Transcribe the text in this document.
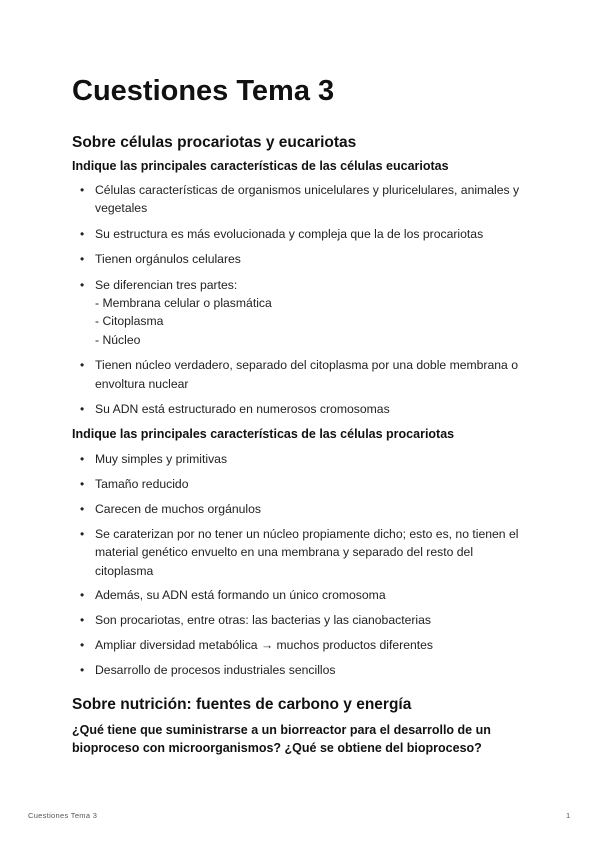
Cuestiones Tema 3
Sobre células procariotas y eucariotas
Indique las principales características de las células eucariotas
• Células características de organismos unicelulares y pluricelulares, animales y vegetales
• Su estructura es más evolucionada y compleja que la de los procariotas
• Tienen orgánulos celulares
• Se diferencian tres partes:
- Membrana celular o plasmática
- Citoplasma
- Núcleo
• Tienen núcleo verdadero, separado del citoplasma por una doble membrana o envoltura nuclear
• Su ADN está estructurado en numerosos cromosomas
Indique las principales características de las células procariotas
• Muy simples y primitivas
• Tamaño reducido
• Carecen de muchos orgánulos
• Se caraterizan por no tener un núcleo propiamente dicho; esto es, no tienen el material genético envuelto en una membrana y separado del resto del citoplasma
• Además, su ADN está formando un único cromosoma
• Son procariotas, entre otras: las bacterias y las cianobacterias
• Ampliar diversidad metabólica → muchos productos diferentes
• Desarrollo de procesos industriales sencillos
Sobre nutrición: fuentes de carbono y energía
¿Qué tiene que suministrarse a un biorreactor para el desarrollo de un bioproceso con microorganismos? ¿Qué se obtiene del bioproceso?
Cuestiones Tema 3	1
